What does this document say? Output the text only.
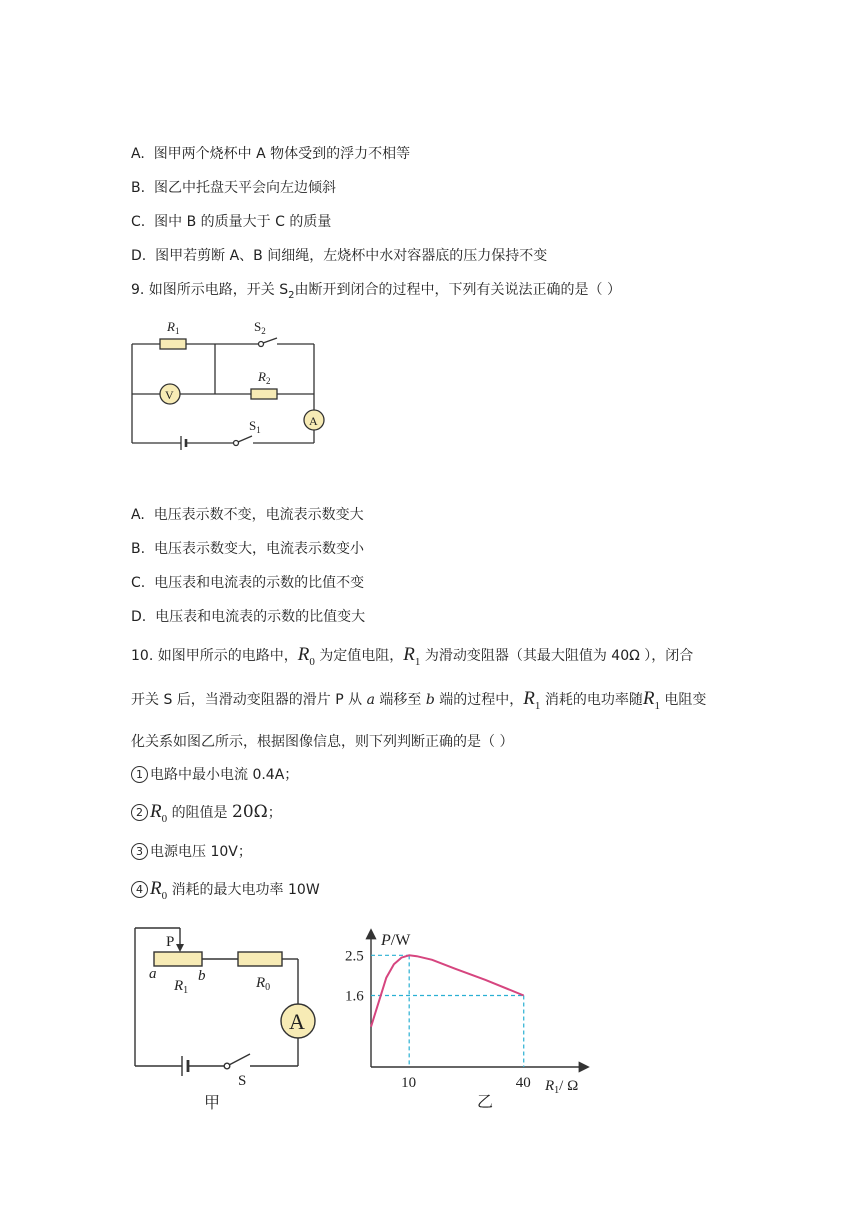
A. 图甲两个烧杯中 A 物体受到的浮力不相等
B. 图乙中托盘天平会向左边倾斜
C. 图中 B 的质量大于 C 的质量
D. 图甲若剪断 A、B 间细绳，左烧杯中水对容器底的压力保持不变
9. 如图所示电路，开关 $S_2$由断开到闭合的过程中，下列有关说法正确的是（ ）
$R_1$	$S_2$
$R_2$
V
A
$S_1$
A. 电压表示数不变，电流表示数变大
B. 电压表示数变大，电流表示数变小
C. 电压表和电流表的示数的比值不变
D. 电压表和电流表的示数的比值变大
10. 如图甲所示的电路中，$R_0$ 为定值电阻，$R_1$ 为滑动变阻器（其最大阻值为 40Ω ），闭合
开关 S 后，当滑动变阻器的滑片 P 从 a 端移至 b 端的过程中，$R_1$ 消耗的电功率随$R_1$ 电阻变
化关系如图乙所示，根据图像信息，则下列判断正确的是（ ）
1 电路中最小电流 0.4A；
2 $R_0$ 的阻值是 20Ω；
3 电源电压 10V；
4 $R_0$ 消耗的最大电功率 10W
P
a
$R_1$
b	$R_0$
A
S
甲
P/W
2.5
1.6
10	40 $R_1/$ Ω
乙
